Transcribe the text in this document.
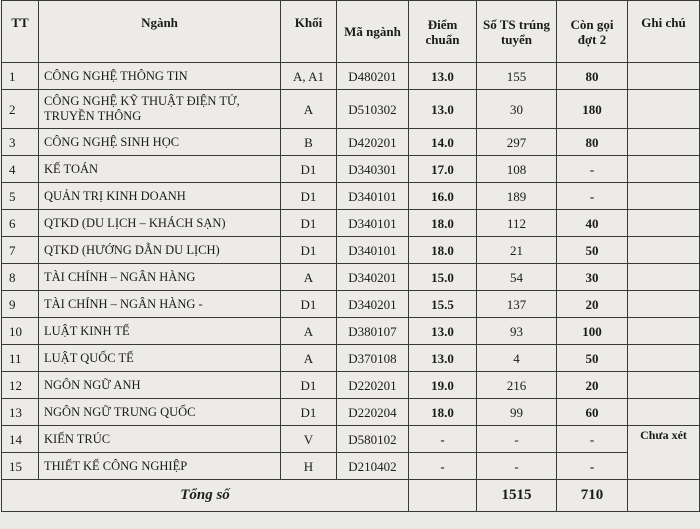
TT	Ngành	Khối	Mã ngành	Điểm chuẩn	Số TS trúng tuyển	Còn gọi đợt 2	Ghi chú
1	CÔNG NGHỆ THÔNG TIN	A, A1	D480201	13.0	155	80	
2	CÔNG NGHỆ KỸ THUẬT ĐIỆN TỬ, TRUYỀN THÔNG	A	D510302	13.0	30	180	
3	CÔNG NGHỆ SINH HỌC	B	D420201	14.0	297	80	
4	KẾ TOÁN	D1	D340301	17.0	108	-	
5	QUẢN TRỊ KINH DOANH	D1	D340101	16.0	189	-	
6	QTKD (DU LỊCH – KHÁCH SẠN)	D1	D340101	18.0	112	40	
7	QTKD (HƯỚNG DẪN DU LỊCH)	D1	D340101	18.0	21	50	
8	TÀI CHÍNH – NGÂN HÀNG	A	D340201	15.0	54	30	
9	TÀI CHÍNH – NGÂN HÀNG -	D1	D340201	15.5	137	20	
10	LUẬT KINH TẾ	A	D380107	13.0	93	100	
11	LUẬT QUỐC TẾ	A	D370108	13.0	4	50	
12	NGÔN NGỮ ANH	D1	D220201	19.0	216	20	
13	NGÔN NGỮ TRUNG QUỐC	D1	D220204	18.0	99	60	
14	KIẾN TRÚC	V	D580102	-	-	-	Chưa xét
15	THIẾT KẾ CÔNG NGHIỆP	H	D210402	-	-	-	
Tổng số					1515	710	
